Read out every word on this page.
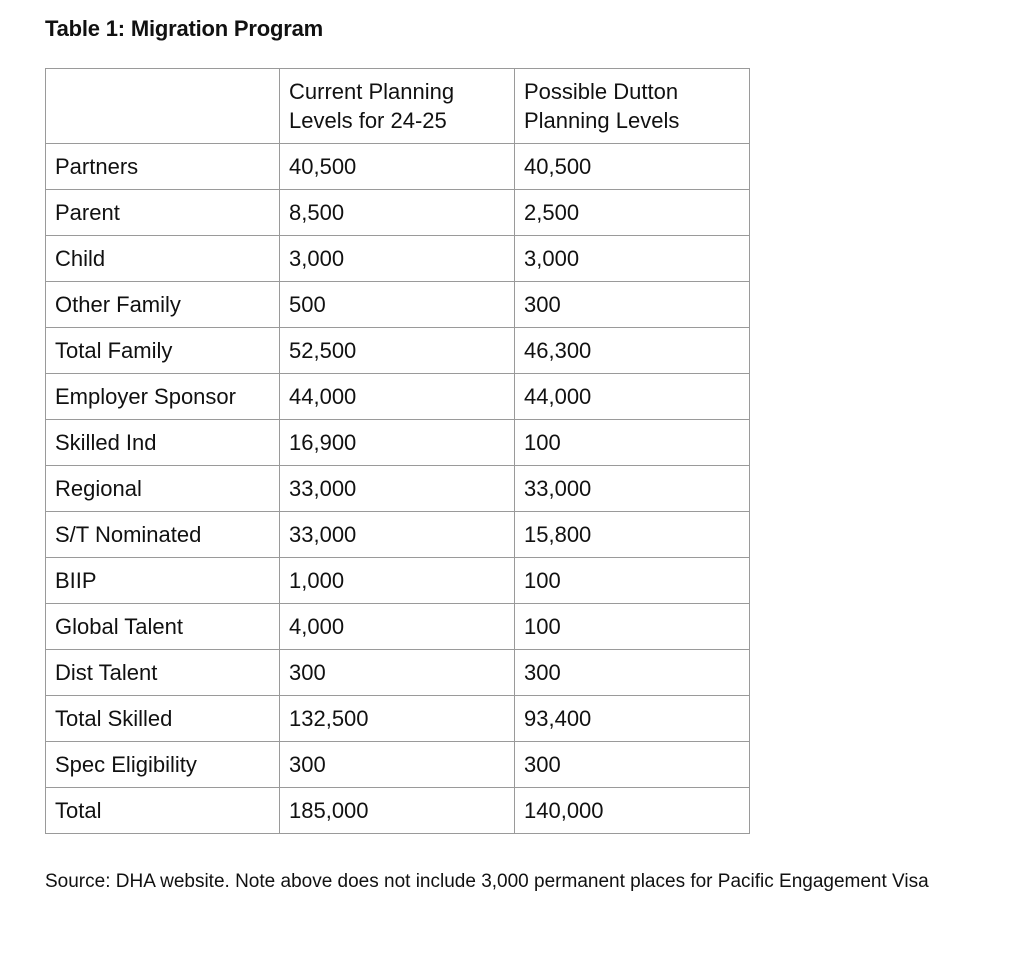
Table 1: Migration Program
	Current Planning Levels for 24-25	Possible Dutton Planning Levels
Partners	40,500	40,500
Parent	8,500	2,500
Child	3,000	3,000
Other Family	500	300
Total Family	52,500	46,300
Employer Sponsor	44,000	44,000
Skilled Ind	16,900	100
Regional	33,000	33,000
S/T Nominated	33,000	15,800
BIIP	1,000	100
Global Talent	4,000	100
Dist Talent	300	300
Total Skilled	132,500	93,400
Spec Eligibility	300	300
Total	185,000	140,000

Source: DHA website. Note above does not include 3,000 permanent places for Pacific Engagement Visa
